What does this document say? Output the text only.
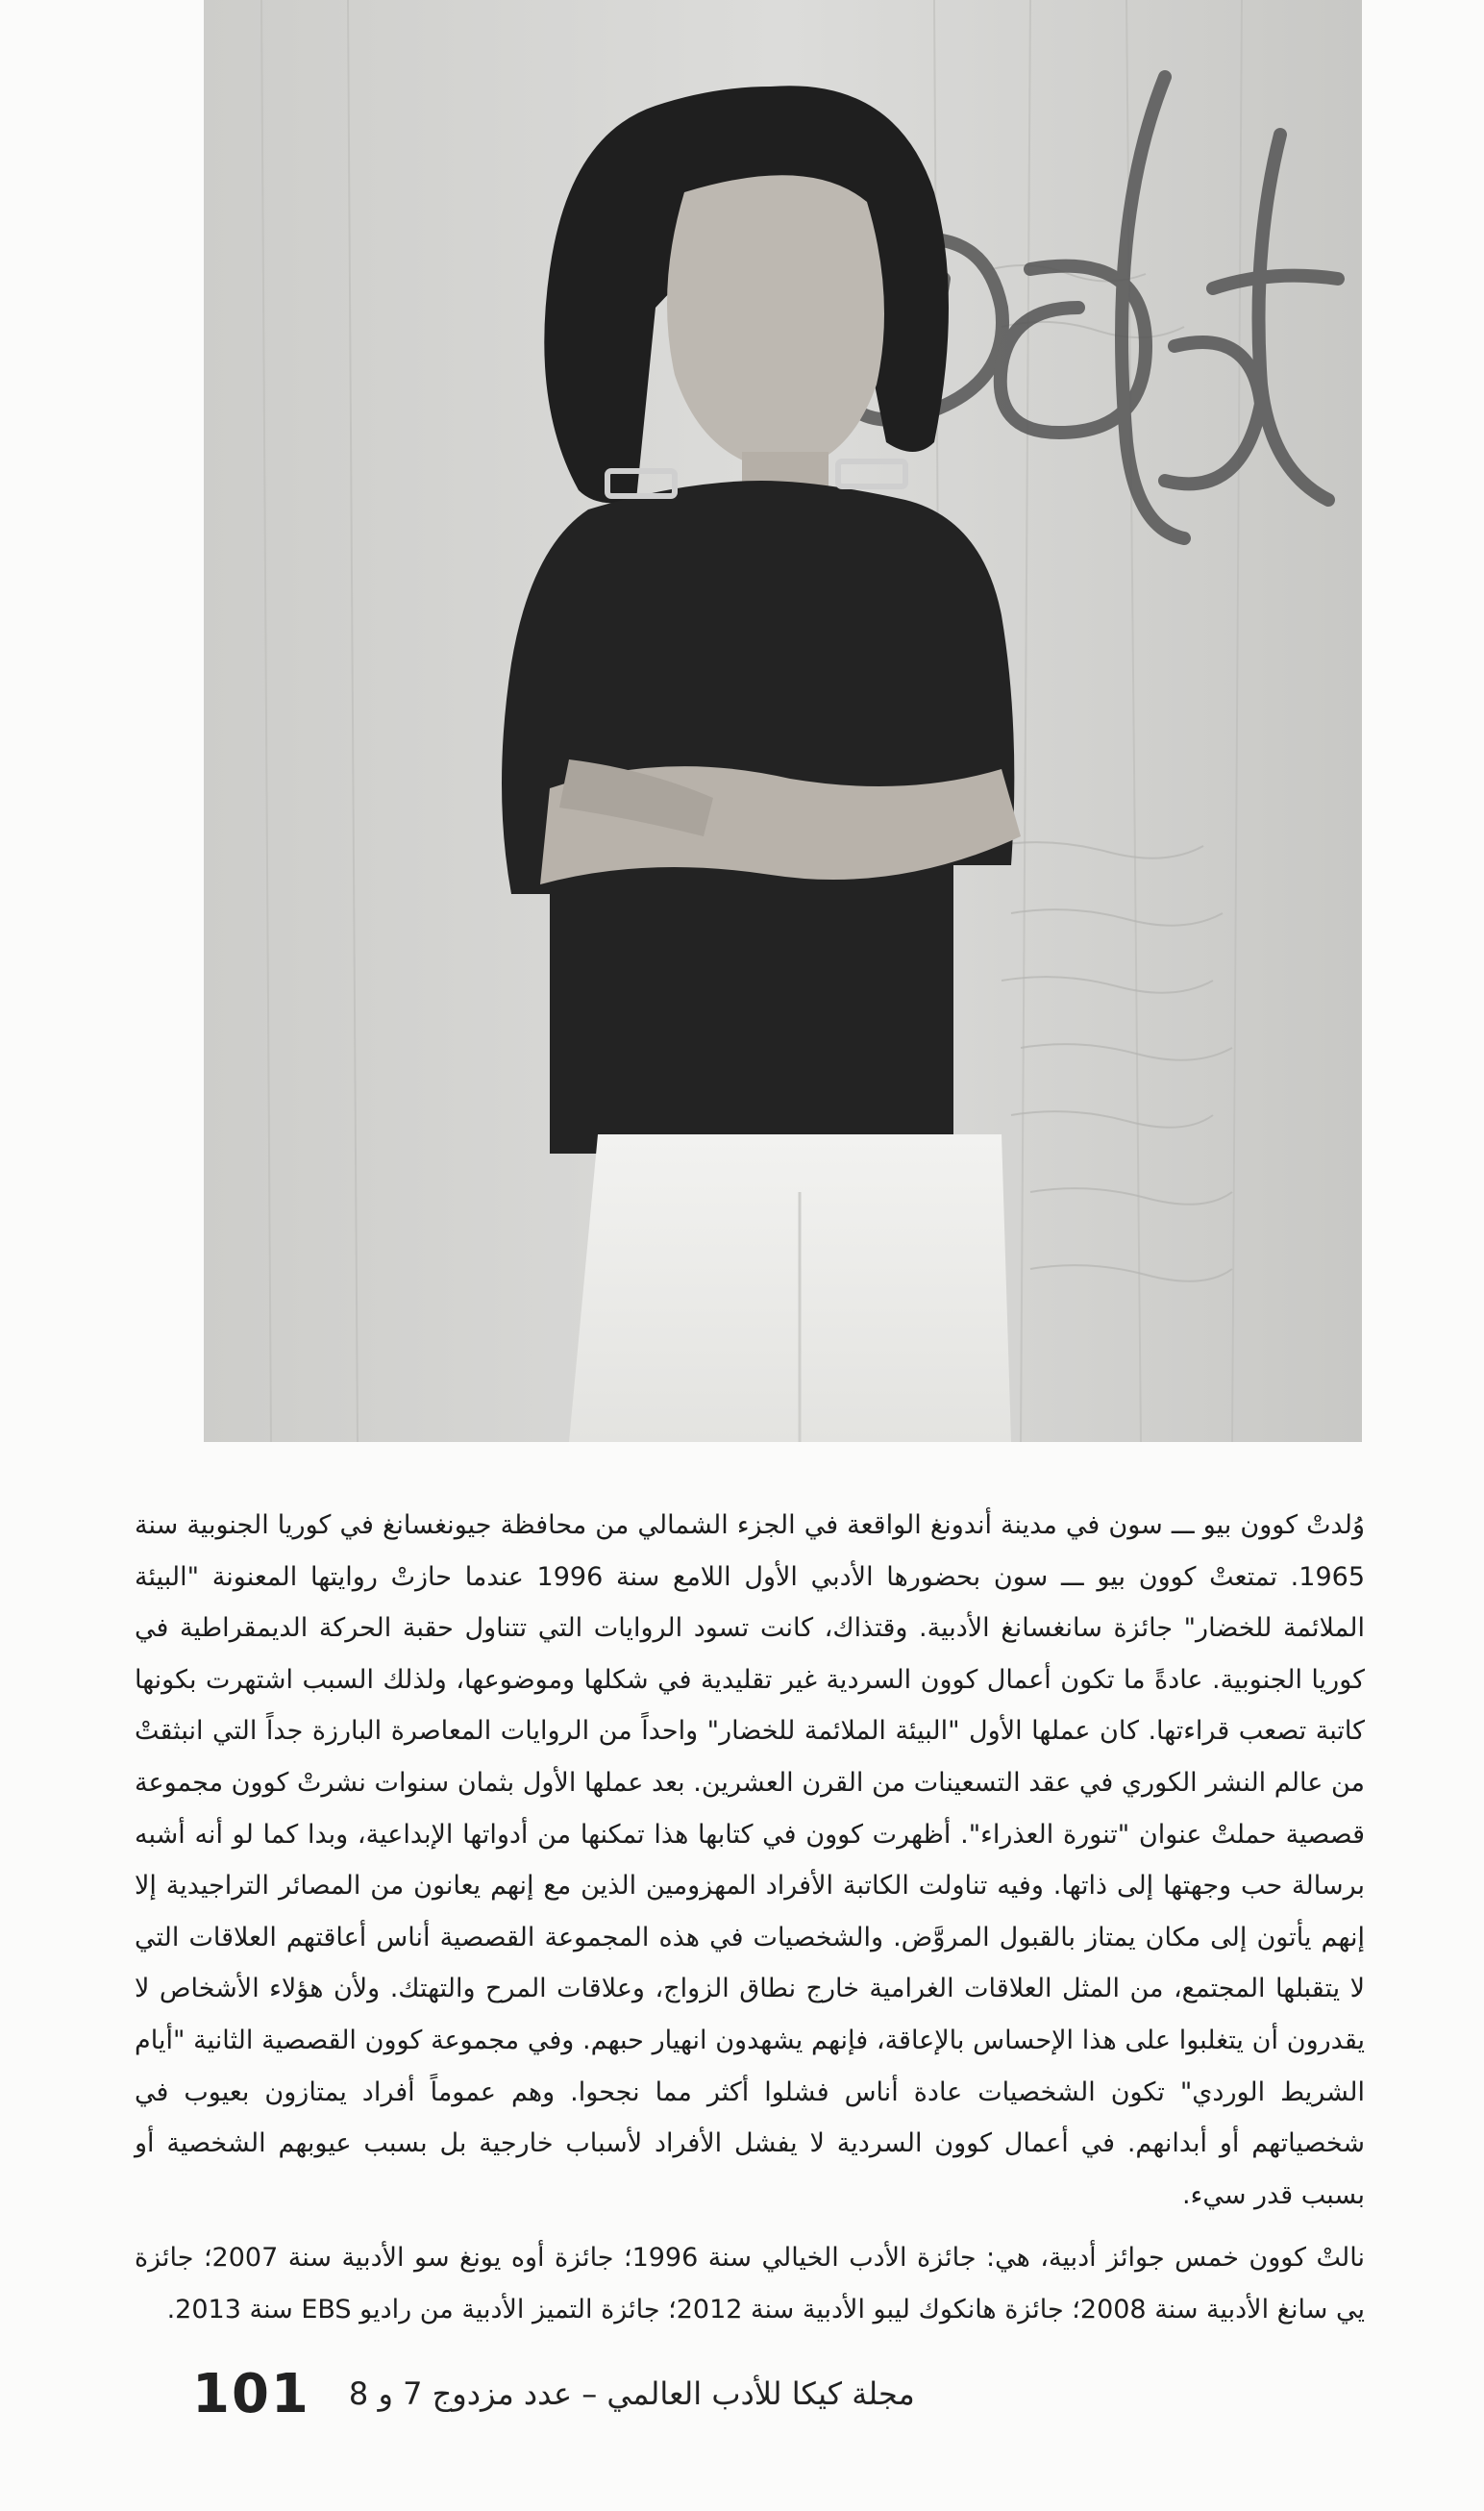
وُلدتْ كوون بيو ـــ سون في مدينة أندونغ الواقعة في الجزء الشمالي من محافظة جيونغسانغ في كوريا الجنوبية سنة 1965. تمتعتْ كوون بيو ـــ سون بحضورها الأدبي الأول اللامع سنة 1996 عندما حازتْ روايتها المعنونة "البيئة الملائمة للخضار" جائزة سانغسانغ الأدبية. وقتذاك، كانت تسود الروايات التي تتناول حقبة الحركة الديمقراطية في كوريا الجنوبية. عادةً ما تكون أعمال كوون السردية غير تقليدية في شكلها وموضوعها، ولذلك السبب اشتهرت بكونها كاتبة تصعب قراءتها. كان عملها الأول "البيئة الملائمة للخضار" واحداً من الروايات المعاصرة البارزة جداً التي انبثقتْ من عالم النشر الكوري في عقد التسعينات من القرن العشرين. بعد عملها الأول بثمان سنوات نشرتْ كوون مجموعة قصصية حملتْ عنوان "تنورة العذراء". أظهرت كوون في كتابها هذا تمكنها من أدواتها الإبداعية، وبدا كما لو أنه أشبه برسالة حب وجهتها إلى ذاتها. وفيه تناولت الكاتبة الأفراد المهزومين الذين مع إنهم يعانون من المصائر التراجيدية إلا إنهم يأتون إلى مكان يمتاز بالقبول المروَّض. والشخصيات في هذه المجموعة القصصية أناس أعاقتهم العلاقات التي لا يتقبلها المجتمع، من المثل العلاقات الغرامية خارج نطاق الزواج، وعلاقات المرح والتهتك. ولأن هؤلاء الأشخاص لا يقدرون أن يتغلبوا على هذا الإحساس بالإعاقة، فإنهم يشهدون انهيار حبهم. وفي مجموعة كوون القصصية الثانية "أيام الشريط الوردي" تكون الشخصيات عادة أناس فشلوا أكثر مما نجحوا. وهم عموماً أفراد يمتازون بعيوب في شخصياتهم أو أبدانهم. في أعمال كوون السردية لا يفشل الأفراد لأسباب خارجية بل بسبب عيوبهم الشخصية أو بسبب قدر سيء.

نالتْ كوون خمس جوائز أدبية، هي: جائزة الأدب الخيالي سنة 1996؛ جائزة أوه يونغ سو الأدبية سنة 2007؛ جائزة يي سانغ الأدبية سنة 2008؛ جائزة هانكوك ليبو الأدبية سنة 2012؛ جائزة التميز الأدبية من راديو EBS سنة 2013.

101 مجلة كيكا للأدب العالمي – عدد مزدوج 7 و 8
